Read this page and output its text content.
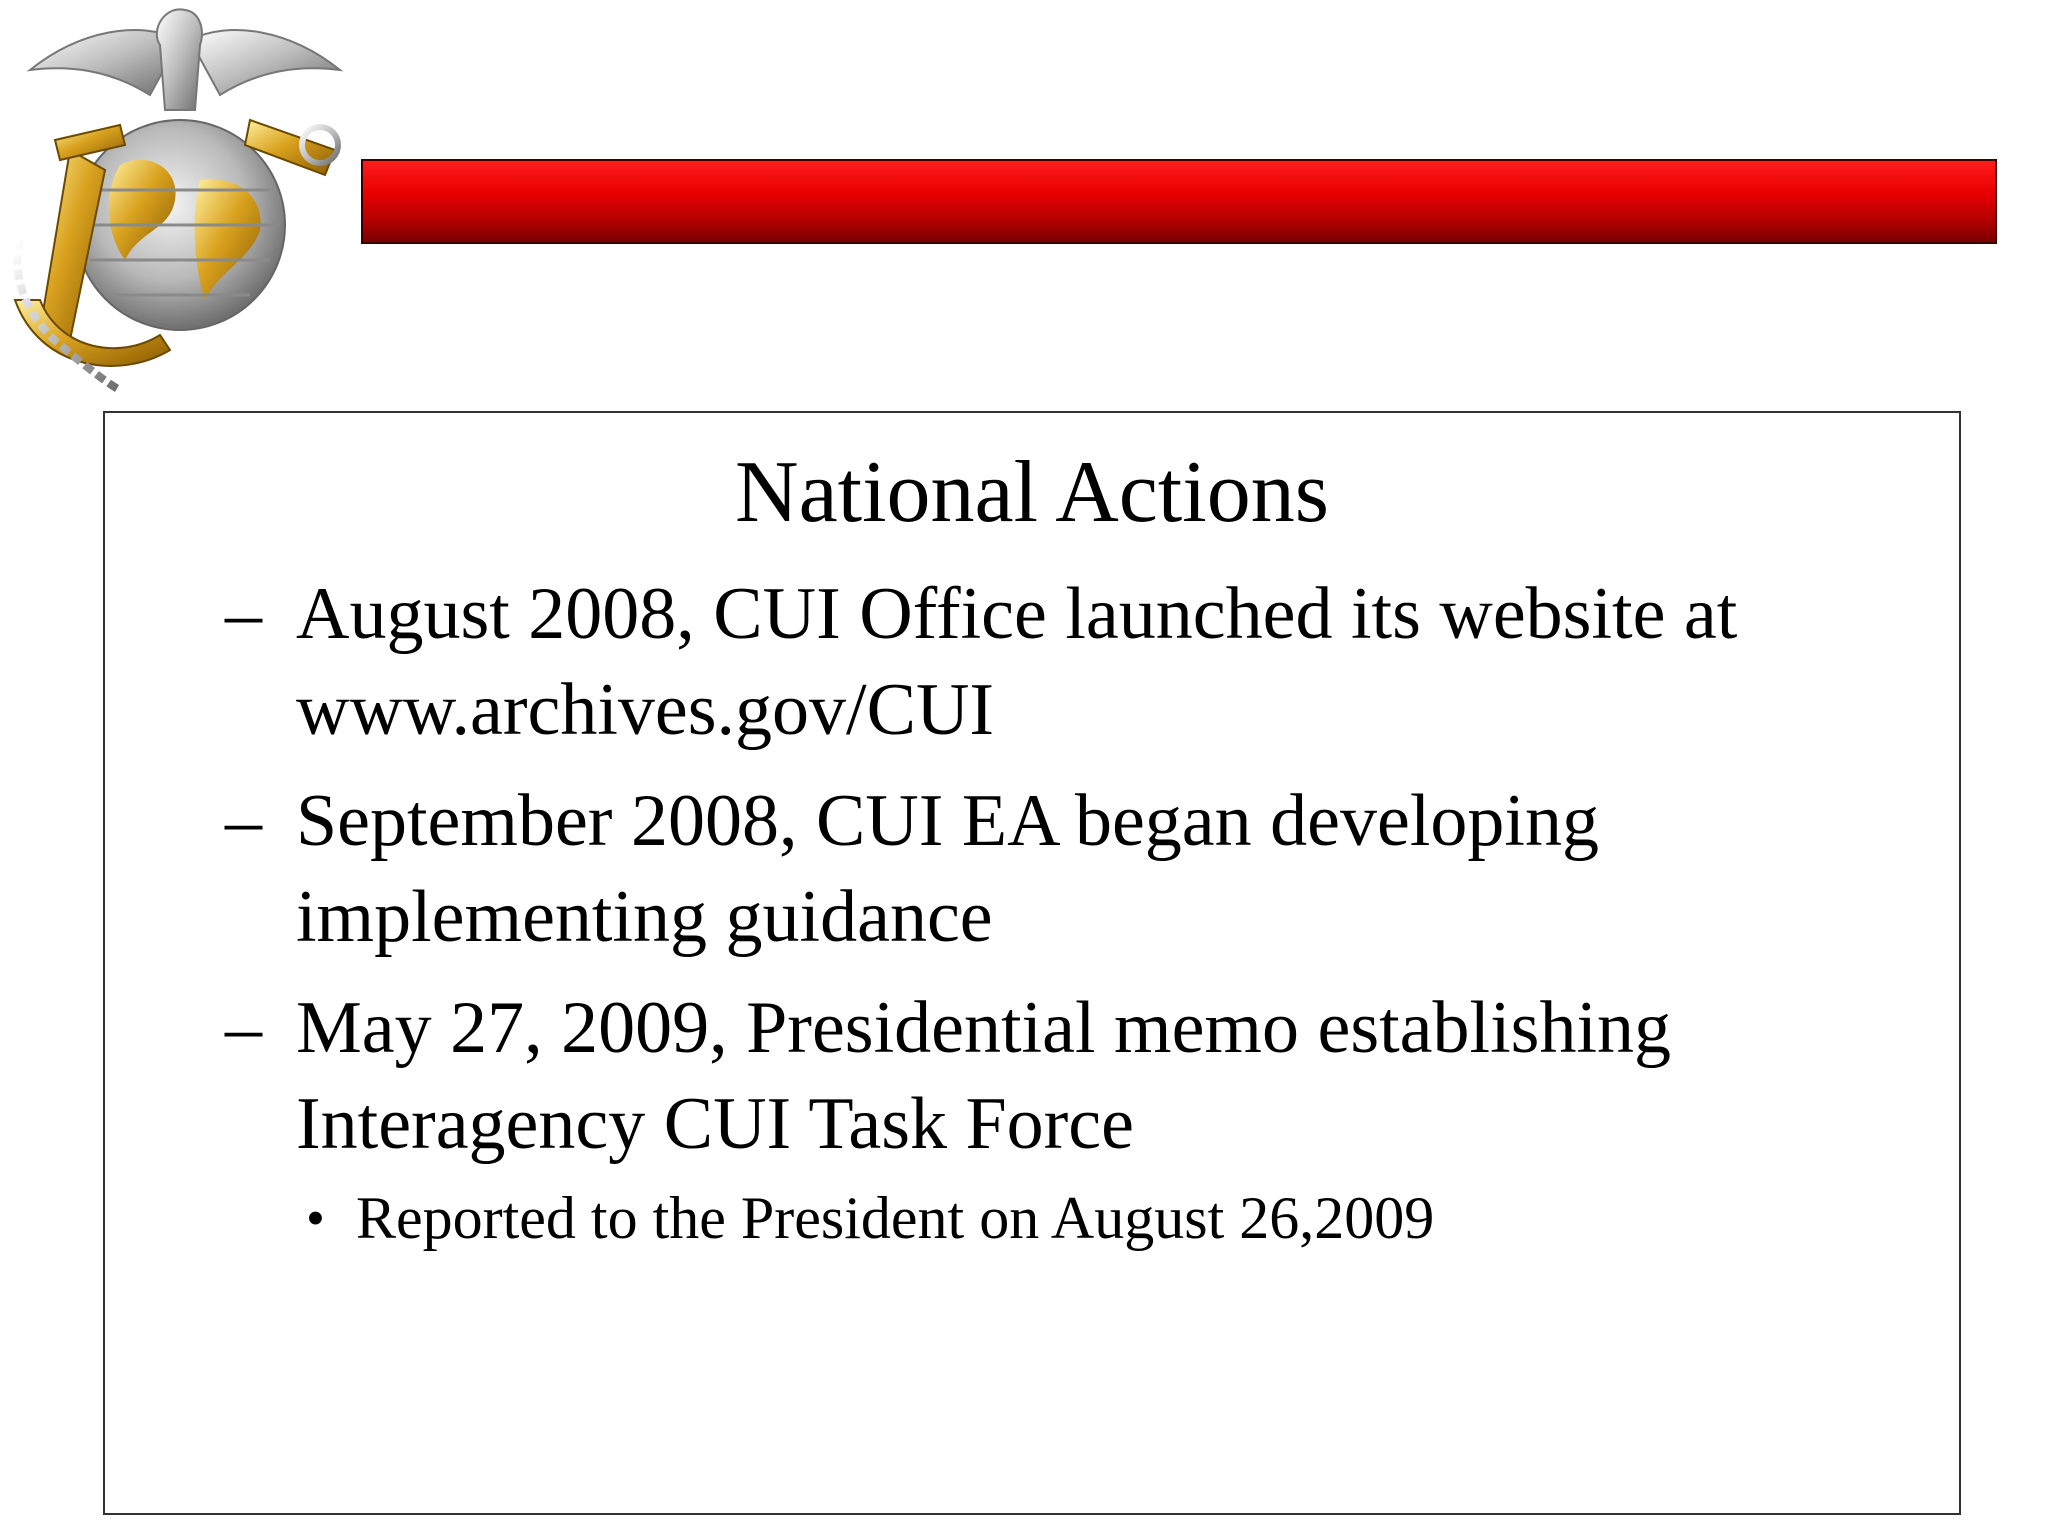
National Actions
– August 2008, CUI Office launched its website at
www.archives.gov/CUI
– September 2008, CUI EA began developing
implementing guidance
– May 27, 2009, Presidential memo establishing
Interagency CUI Task Force
• Reported to the President on August 26,2009
